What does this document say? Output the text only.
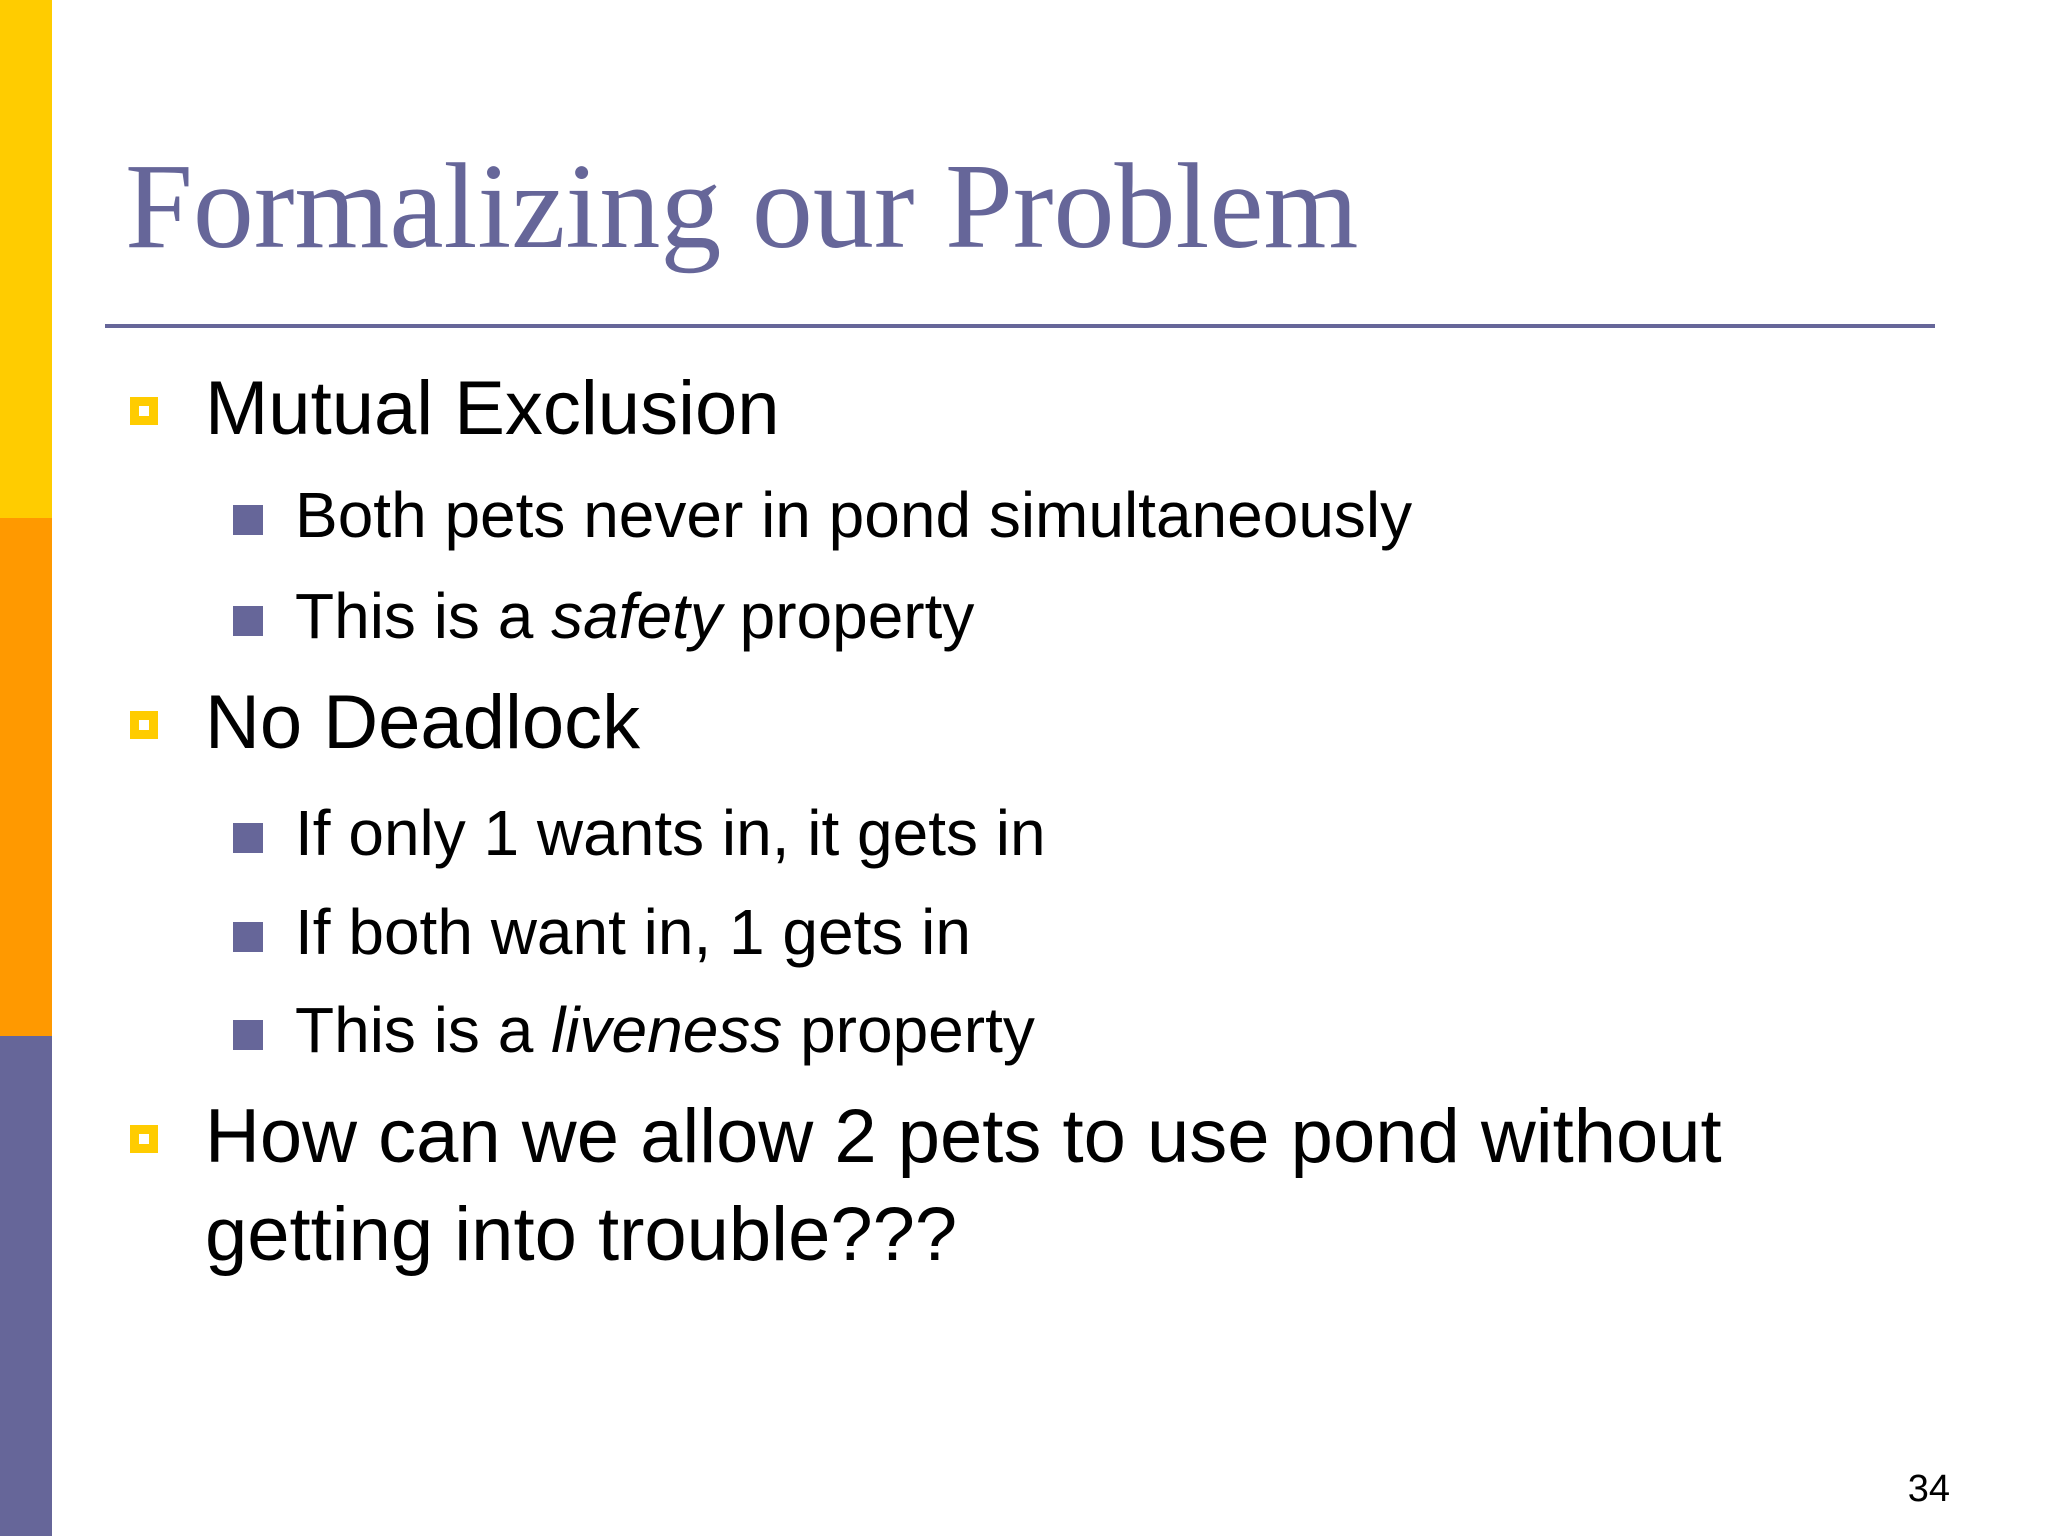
Formalizing our Problem
Mutual Exclusion
Both pets never in pond simultaneously
This is a safety property
No Deadlock
If only 1 wants in, it gets in
If both want in, 1 gets in
This is a liveness property
How can we allow 2 pets to use pond without
getting into trouble???
34
